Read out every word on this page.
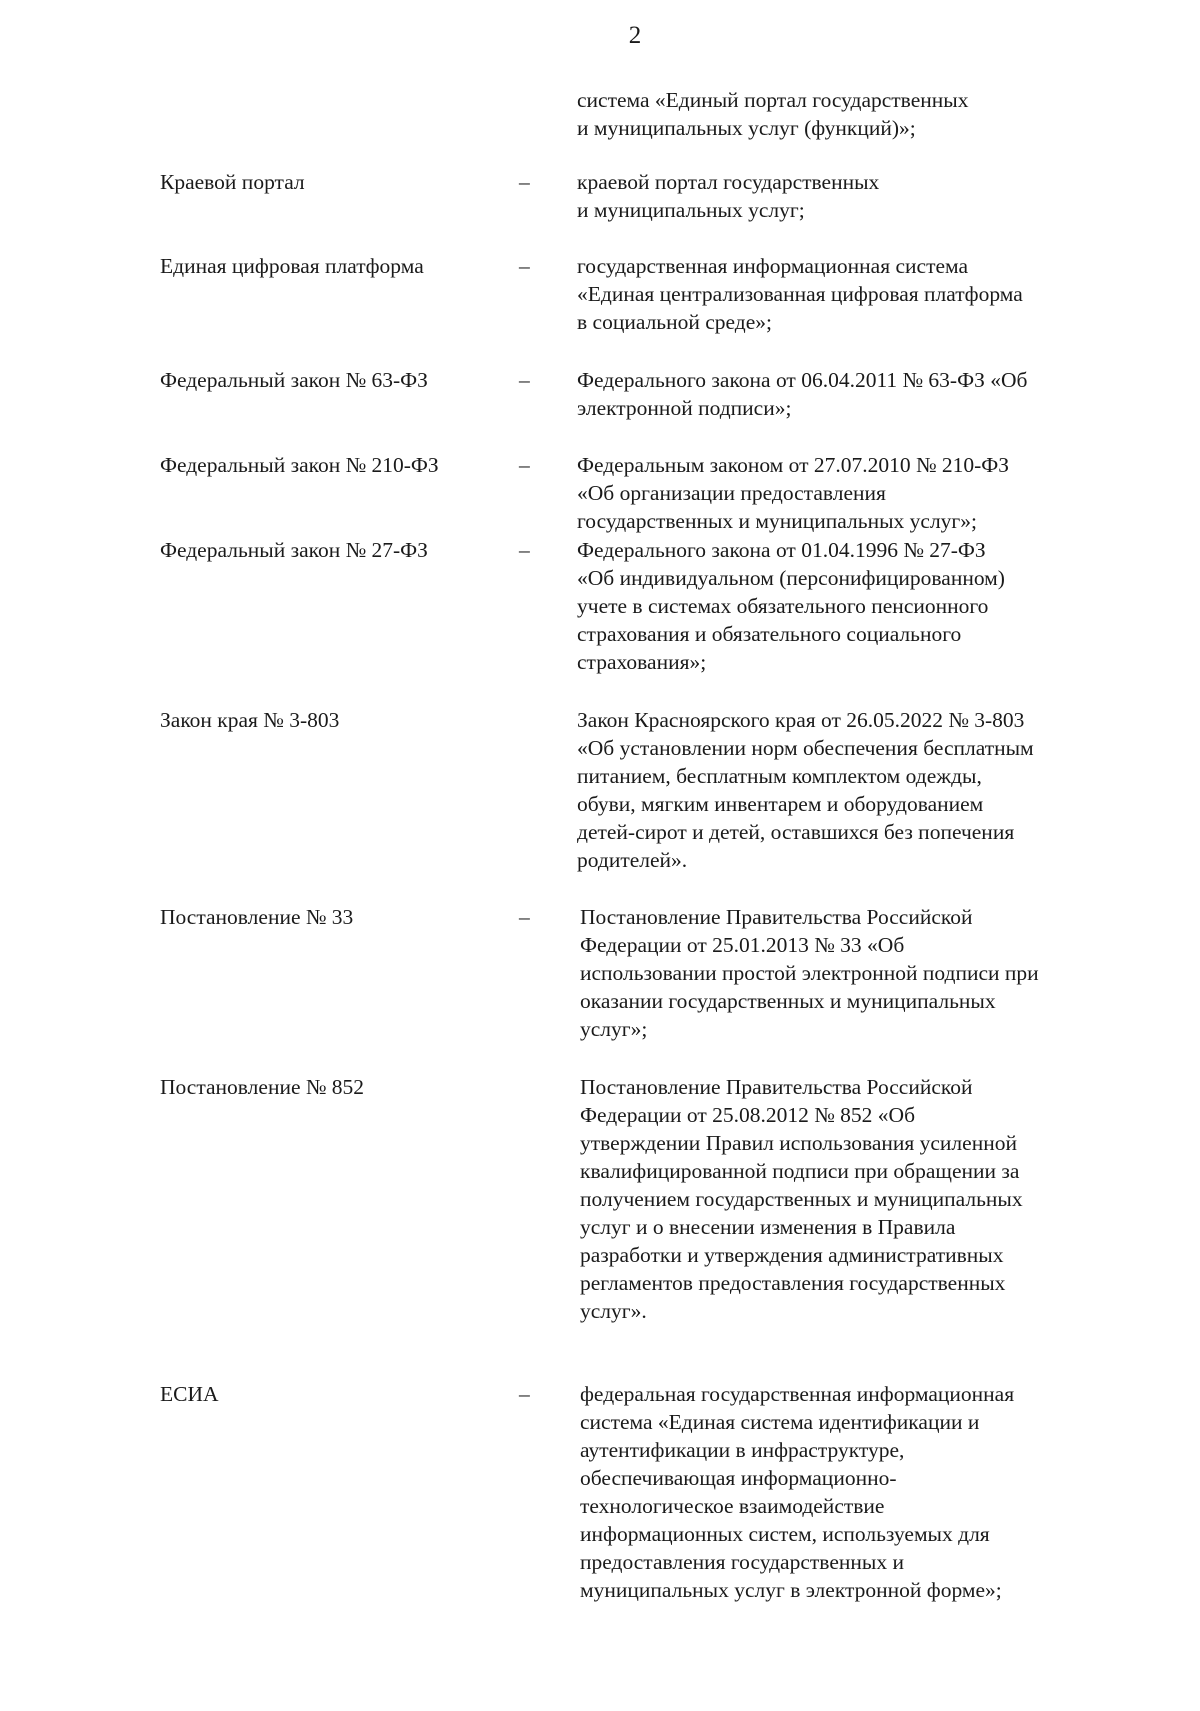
2
система «Единый портал государственных
и муниципальных услуг (функций)»;
Краевой портал	– краевой портал государственных
и муниципальных услуг;
Единая цифровая платформа	– государственная информационная система
«Единая централизованная цифровая платформа
в социальной среде»;
Федеральный закон № 63-ФЗ	– Федерального закона от 06.04.2011 № 63-ФЗ «Об
электронной подписи»;
Федеральный закон № 210-ФЗ	– Федеральным законом от 27.07.2010 № 210-ФЗ
«Об организации предоставления
государственных и муниципальных услуг»;
Федеральный закон № 27-ФЗ	– Федерального закона от 01.04.1996 № 27-ФЗ
«Об индивидуальном (персонифицированном)
учете в системах обязательного пенсионного
страхования и обязательного социального
страхования»;
Закон края № 3-803	Закон Красноярского края от 26.05.2022 № 3-803
«Об установлении норм обеспечения бесплатным
питанием, бесплатным комплектом одежды,
обуви, мягким инвентарем и оборудованием
детей-сирот и детей, оставшихся без попечения
родителей».
Постановление № 33	– Постановление Правительства Российской
Федерации от 25.01.2013 № 33 «Об
использовании простой электронной подписи при
оказании государственных и муниципальных
услуг»;
Постановление № 852	Постановление Правительства Российской
Федерации от 25.08.2012 № 852 «Об
утверждении Правил использования усиленной
квалифицированной подписи при обращении за
получением государственных и муниципальных
услуг и о внесении изменения в Правила
разработки и утверждения административных
регламентов предоставления государственных
услуг».
ЕСИА	– федеральная государственная информационная
система «Единая система идентификации и
аутентификации в инфраструктуре,
обеспечивающая информационно-
технологическое взаимодействие
информационных систем, используемых для
предоставления государственных и
муниципальных услуг в электронной форме»;
